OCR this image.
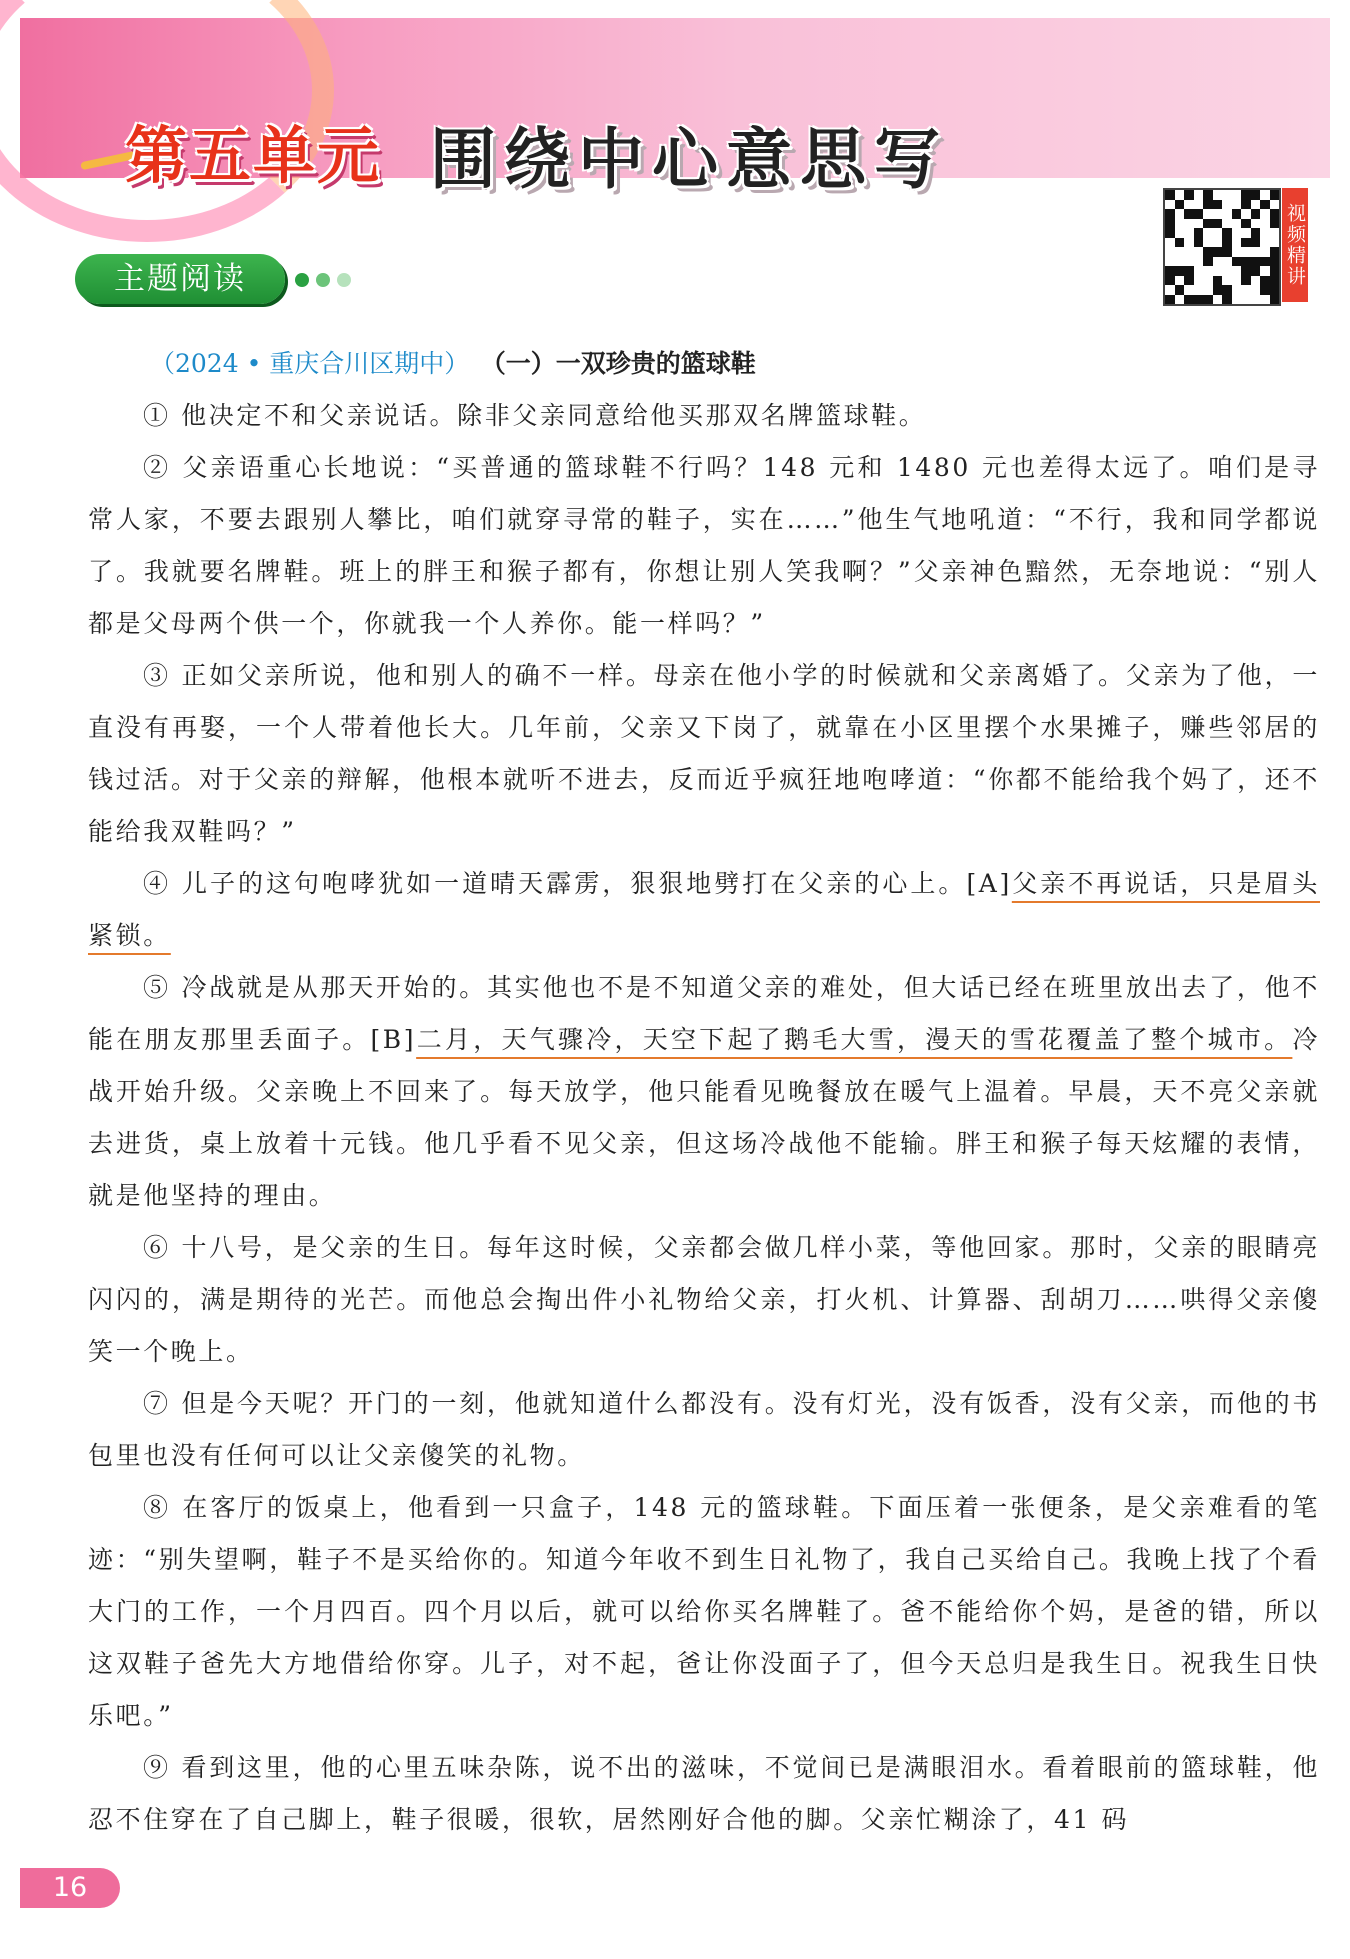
第五单元 围绕中心意思写
视频精讲
主题阅读
（2024 • 重庆合川区期中） （一）一双珍贵的篮球鞋

① 他决定不和父亲说话。除非父亲同意给他买那双名牌篮球鞋。

② 父亲语重心长地说：“买普通的篮球鞋不行吗？148 元和 1480 元也差得太远了。咱们是寻常人家，不要去跟别人攀比，咱们就穿寻常的鞋子，实在……”他生气地吼道：“不行，我和同学都说了。我就要名牌鞋。班上的胖王和猴子都有，你想让别人笑我啊？”父亲神色黯然，无奈地说：“别人都是父母两个供一个，你就我一个人养你。能一样吗？”

③ 正如父亲所说，他和别人的确不一样。母亲在他小学的时候就和父亲离婚了。父亲为了他，一直没有再娶，一个人带着他长大。几年前，父亲又下岗了，就靠在小区里摆个水果摊子，赚些邻居的钱过活。对于父亲的辩解，他根本就听不进去，反而近乎疯狂地咆哮道：“你都不能给我个妈了，还不能给我双鞋吗？”

④ 儿子的这句咆哮犹如一道晴天霹雳，狠狠地劈打在父亲的心上。[A]父亲不再说话，只是眉头紧锁。

⑤ 冷战就是从那天开始的。其实他也不是不知道父亲的难处，但大话已经在班里放出去了，他不能在朋友那里丢面子。[B]二月，天气骤冷，天空下起了鹅毛大雪，漫天的雪花覆盖了整个城市。冷战开始升级。父亲晚上不回来了。每天放学，他只能看见晚餐放在暖气上温着。早晨，天不亮父亲就去进货，桌上放着十元钱。他几乎看不见父亲，但这场冷战他不能输。胖王和猴子每天炫耀的表情，就是他坚持的理由。

⑥ 十八号，是父亲的生日。每年这时候，父亲都会做几样小菜，等他回家。那时，父亲的眼睛亮闪闪的，满是期待的光芒。而他总会掏出件小礼物给父亲，打火机、计算器、刮胡刀……哄得父亲傻笑一个晚上。

⑦ 但是今天呢？开门的一刻，他就知道什么都没有。没有灯光，没有饭香，没有父亲，而他的书包里也没有任何可以让父亲傻笑的礼物。

⑧ 在客厅的饭桌上，他看到一只盒子，148 元的篮球鞋。下面压着一张便条，是父亲难看的笔迹：“别失望啊，鞋子不是买给你的。知道今年收不到生日礼物了，我自己买给自己。我晚上找了个看大门的工作，一个月四百。四个月以后，就可以给你买名牌鞋了。爸不能给你个妈，是爸的错，所以这双鞋子爸先大方地借给你穿。儿子，对不起，爸让你没面子了，但今天总归是我生日。祝我生日快乐吧。”

⑨ 看到这里，他的心里五味杂陈，说不出的滋味，不觉间已是满眼泪水。看着眼前的篮球鞋，他忍不住穿在了自己脚上，鞋子很暖，很软，居然刚好合他的脚。父亲忙糊涂了，41 码

16
